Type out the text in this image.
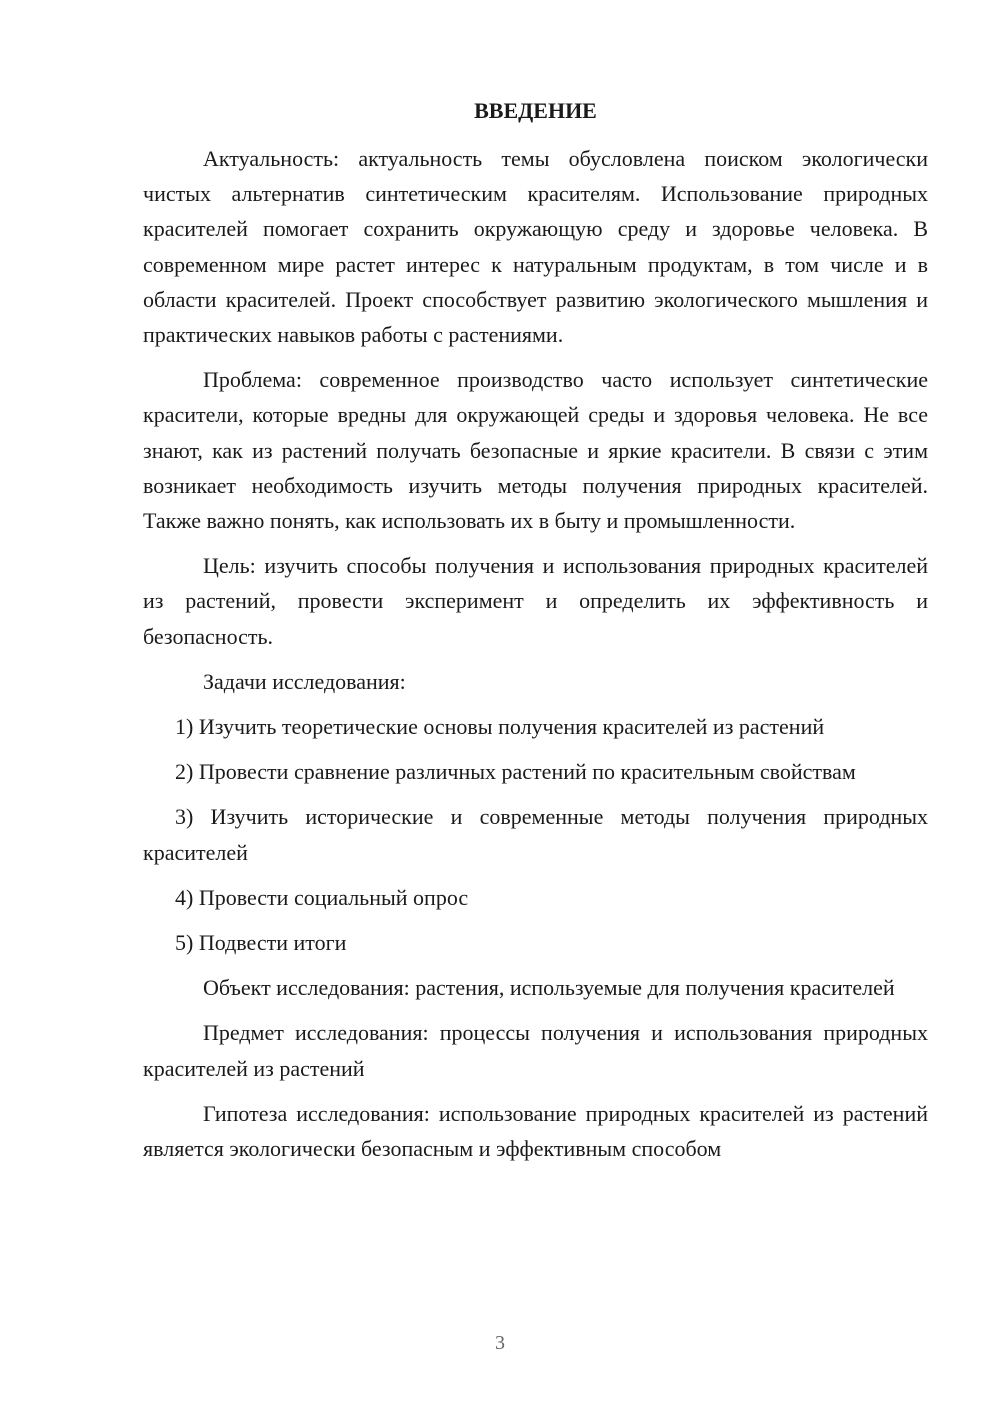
ВВЕДЕНИЕ

Актуальность: актуальность темы обусловлена поиском экологически чистых альтернатив синтетическим красителям. Использование природных красителей помогает сохранить окружающую среду и здоровье человека. В современном мире растет интерес к натуральным продуктам, в том числе и в области красителей. Проект способствует развитию экологического мышления и практических навыков работы с растениями.

Проблема: современное производство часто использует синтетические красители, которые вредны для окружающей среды и здоровья человека. Не все знают, как из растений получать безопасные и яркие красители. В связи с этим возникает необходимость изучить методы получения природных красителей. Также важно понять, как использовать их в быту и промышленности.

Цель: изучить способы получения и использования природных красителей из растений, провести эксперимент и определить их эффективность и безопасность.

Задачи исследования:

1) Изучить теоретические основы получения красителей из растений

2) Провести сравнение различных растений по красительным свойствам

3) Изучить исторические и современные методы получения природных красителей

4) Провести социальный опрос

5) Подвести итоги

Объект исследования: растения, используемые для получения красителей

Предмет исследования: процессы получения и использования природных красителей из растений

Гипотеза исследования: использование природных красителей из растений является экологически безопасным и эффективным способом

3
